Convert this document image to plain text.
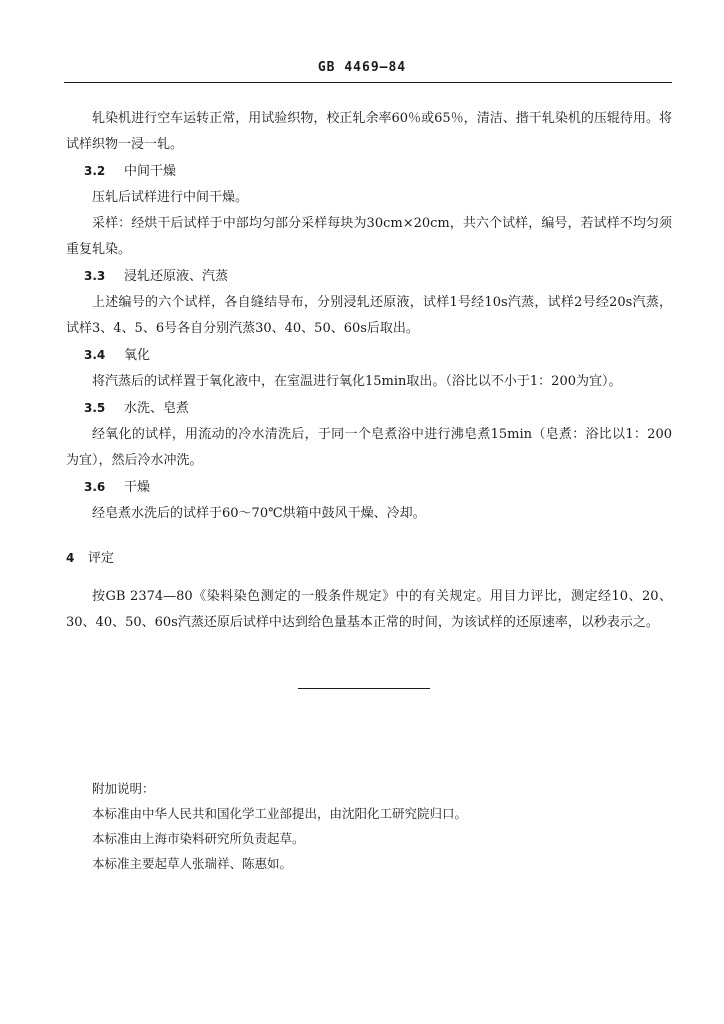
GB 4469—84

轧染机进行空车运转正常，用试验织物，校正轧余率60％或65％，清洁、揩干轧染机的压辊待用。将试样织物一浸一轧。

3.2 中间干燥

压轧后试样进行中间干燥。

采样：经烘干后试样于中部均匀部分采样每块为30cm×20cm，共六个试样，编号，若试样不均匀须重复轧染。

3.3 浸轧还原液、汽蒸

上述编号的六个试样，各自缝结导布，分别浸轧还原液，试样1号经10s汽蒸，试样2号经20s汽蒸，试样3、4、5、6号各自分别汽蒸30、40、50、60s后取出。

3.4 氧化

将汽蒸后的试样置于氧化液中，在室温进行氧化15min取出。（浴比以不小于1：200为宜）。

3.5 水洗、皂煮

经氧化的试样，用流动的冷水清洗后，于同一个皂煮浴中进行沸皂煮15min（皂煮：浴比以1：200为宜），然后冷水冲洗。

3.6 干燥

经皂煮水洗后的试样于60～70℃烘箱中鼓风干燥、冷却。

4 评定

按GB 2374—80《染料染色测定的一般条件规定》中的有关规定。用目力评比，测定经10、20、30、40、50、60s汽蒸还原后试样中达到给色量基本正常的时间，为该试样的还原速率，以秒表示之。

附加说明：

本标准由中华人民共和国化学工业部提出，由沈阳化工研究院归口。

本标准由上海市染料研究所负责起草。

本标准主要起草人张瑞祥、陈惠如。
